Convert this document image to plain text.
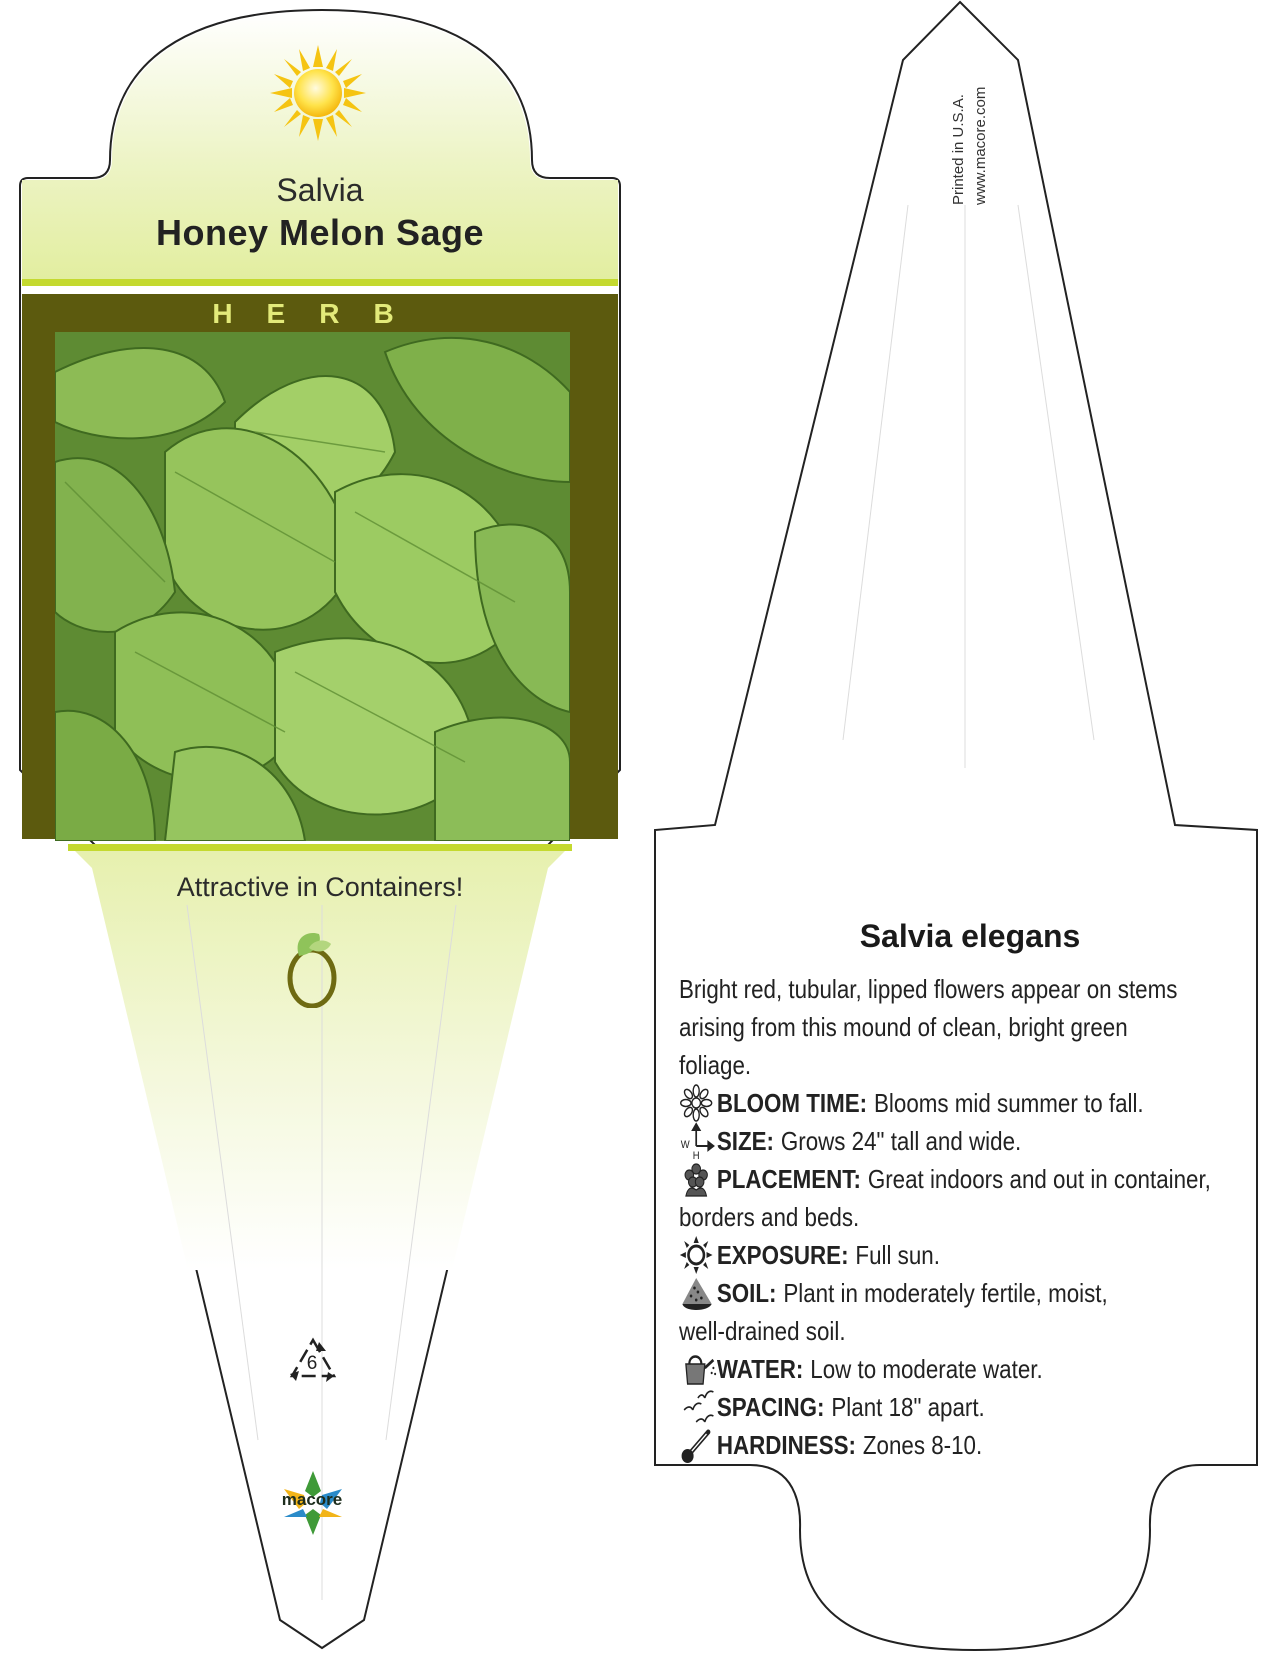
Salvia
Honey Melon Sage
HERB
Attractive in Containers!
6
macore
Printed in U.S.A. www.macore.com
Salvia elegans
Bright red, tubular, lipped flowers appear on stems arising from this mound of clean, bright green foliage.
BLOOM TIME: Blooms mid summer to fall.
W
H
SIZE: Grows 24" tall and wide.
PLACEMENT: Great indoors and out in container,
borders and beds.
EXPOSURE: Full sun.
SOIL: Plant in moderately fertile, moist,
well-drained soil.
WATER: Low to moderate water.
SPACING: Plant 18" apart.
HARDINESS: Zones 8-10.
